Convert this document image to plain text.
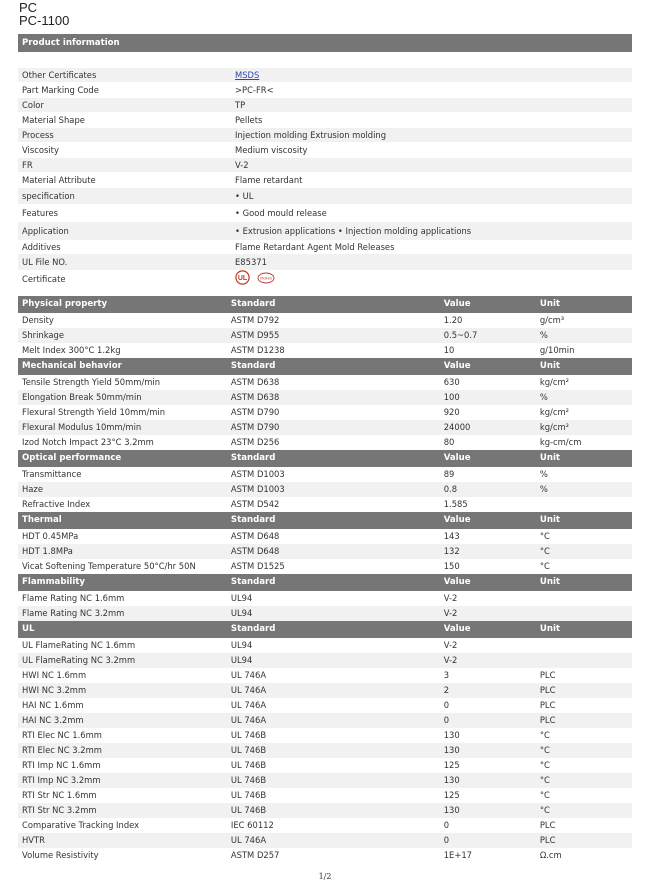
PC
PC-1100
Product information
Other Certificates	MSDS
Part Marking Code	>PC-FR<
Color	TP
Material Shape	Pellets
Process	Injection molding Extrusion molding
Viscosity	Medium viscosity
FR	V-2
Material Attribute	Flame retardant
specification	• UL
Features	• Good mould release
Application	• Extrusion applications • Injection molding applications
Additives	Flame Retardant Agent Mold Releases
UL File NO.	E85371
Certificate	UL	ROHS
Physical property	Standard	Value	Unit
Density	ASTM D792	1.20	g/cm³
Shrinkage	ASTM D955	0.5~0.7	%
Melt Index 300°C 1.2kg	ASTM D1238	10	g/10min
Mechanical behavior	Standard	Value	Unit
Tensile Strength Yield 50mm/min	ASTM D638	630	kg/cm²
Elongation Break 50mm/min	ASTM D638	100	%
Flexural Strength Yield 10mm/min	ASTM D790	920	kg/cm²
Flexural Modulus 10mm/min	ASTM D790	24000	kg/cm²
Izod Notch Impact 23°C 3.2mm	ASTM D256	80	kg-cm/cm
Optical performance	Standard	Value	Unit
Transmittance	ASTM D1003	89	%
Haze	ASTM D1003	0.8	%
Refractive Index	ASTM D542	1.585
Thermal	Standard	Value	Unit
HDT 0.45MPa	ASTM D648	143	°C
HDT 1.8MPa	ASTM D648	132	°C
Vicat Softening Temperature 50°C/hr 50N	ASTM D1525	150	°C
Flammability	Standard	Value	Unit
Flame Rating NC 1.6mm	UL94	V-2
Flame Rating NC 3.2mm	UL94	V-2
UL	Standard	Value	Unit
UL FlameRating NC 1.6mm	UL94	V-2
UL FlameRating NC 3.2mm	UL94	V-2
HWI NC 1.6mm	UL 746A	3	PLC
HWI NC 3.2mm	UL 746A	2	PLC
HAI NC 1.6mm	UL 746A	0	PLC
HAI NC 3.2mm	UL 746A	0	PLC
RTI Elec NC 1.6mm	UL 746B	130	°C
RTI Elec NC 3.2mm	UL 746B	130	°C
RTI Imp NC 1.6mm	UL 746B	125	°C
RTI Imp NC 3.2mm	UL 746B	130	°C
RTI Str NC 1.6mm	UL 746B	125	°C
RTI Str NC 3.2mm	UL 746B	130	°C
Comparative Tracking Index	IEC 60112	0	PLC
HVTR	UL 746A	0	PLC
Volume Resistivity	ASTM D257	1E+17	Ω.cm
1/2
